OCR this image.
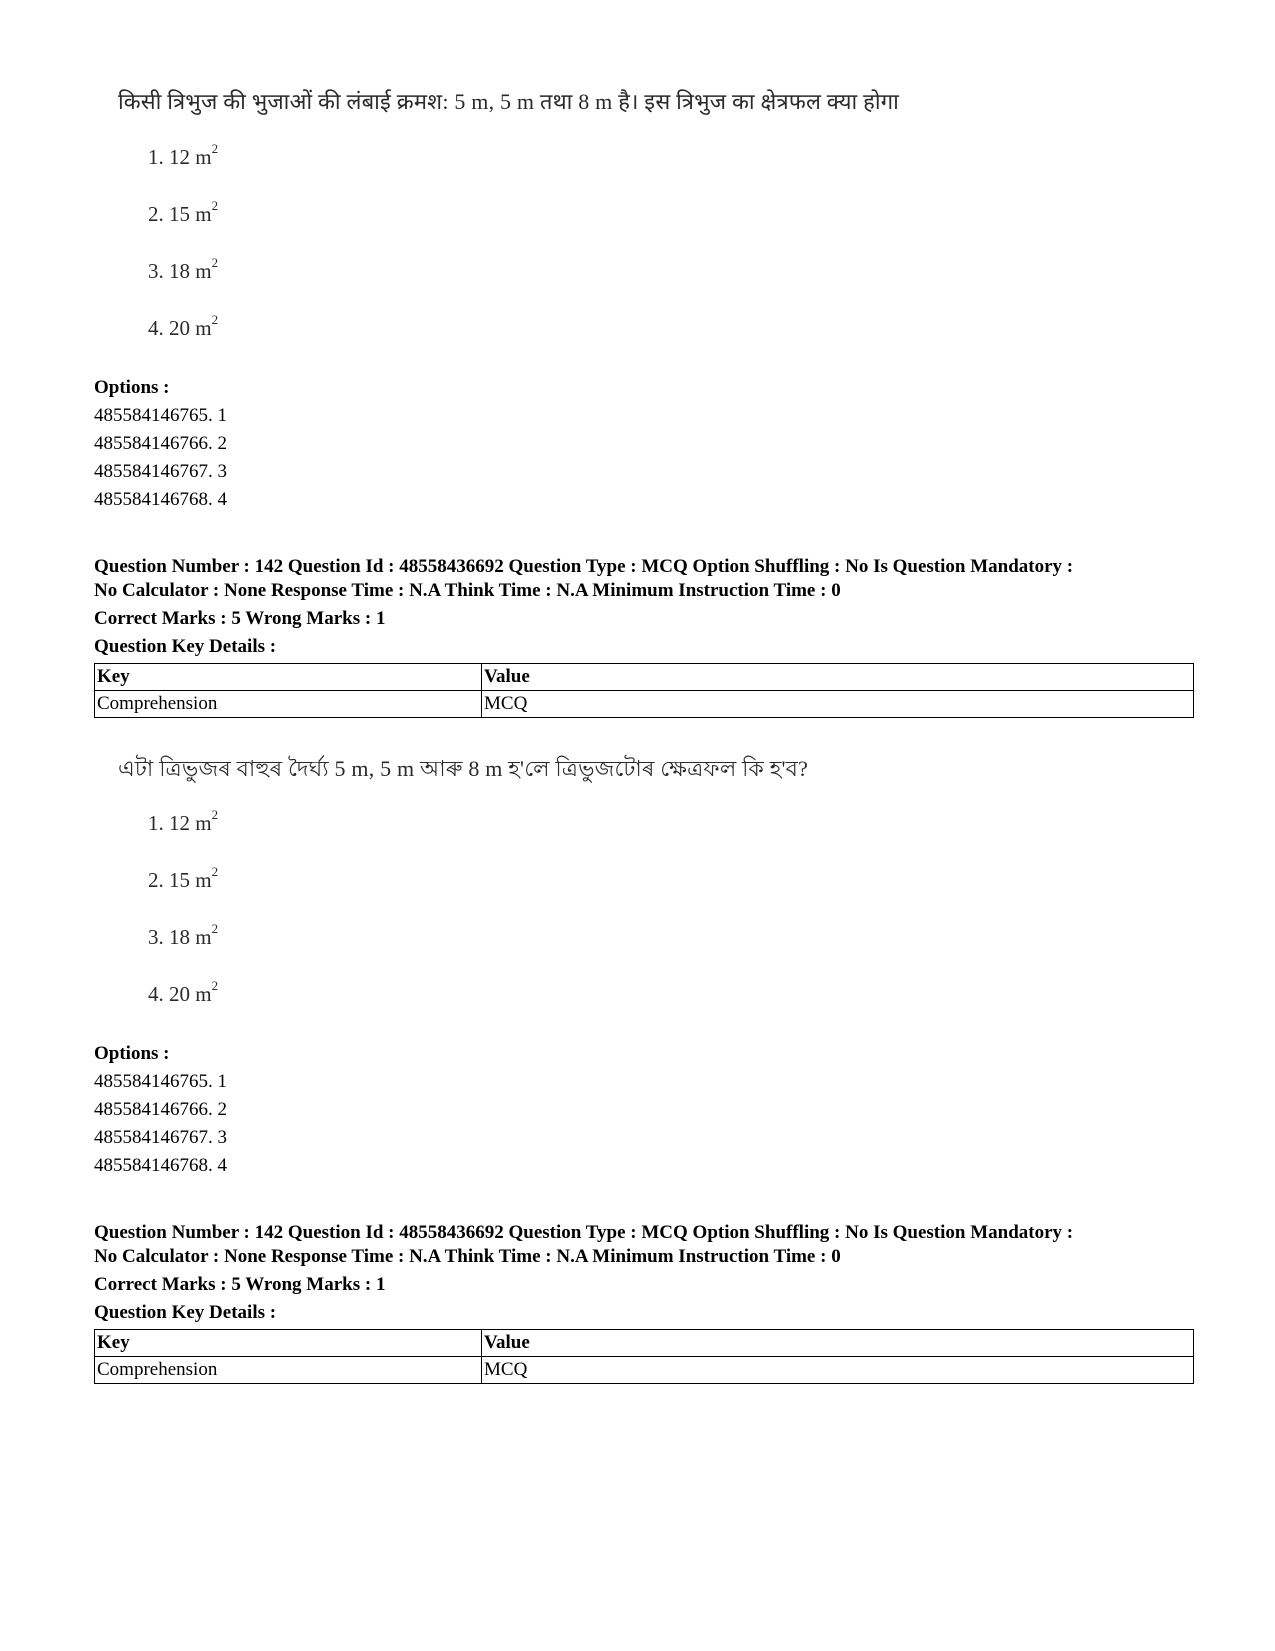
किसी त्रिभुज की भुजाओं की लंबाई क्रमश: 5 m, 5 m तथा 8 m है। इस त्रिभुज का क्षेत्रफल क्या होगा
1. 12 $m^2$
2. 15 $m^2$
3. 18 $m^2$
4. 20 $m^2$
Options :
485584146765. 1
485584146766. 2
485584146767. 3
485584146768. 4
Question Number : 142 Question Id : 48558436692 Question Type : MCQ Option Shuffling : No Is Question Mandatory :
No Calculator : None Response Time : N.A Think Time : N.A Minimum Instruction Time : 0
Correct Marks : 5 Wrong Marks : 1
Question Key Details :
Key	Value
Comprehension	MCQ
এটা ত্ৰিভুজৰ বাহুৰ দৈৰ্ঘ্য 5 m, 5 m আৰু 8 m হ'লে ত্ৰিভুজটোৰ ক্ষেত্ৰফল কি হ'ব?
1. 12 $m^2$
2. 15 $m^2$
3. 18 $m^2$
4. 20 $m^2$
Options :
485584146765. 1
485584146766. 2
485584146767. 3
485584146768. 4
Question Number : 142 Question Id : 48558436692 Question Type : MCQ Option Shuffling : No Is Question Mandatory :
No Calculator : None Response Time : N.A Think Time : N.A Minimum Instruction Time : 0
Correct Marks : 5 Wrong Marks : 1
Question Key Details :
Key	Value
Comprehension	MCQ
